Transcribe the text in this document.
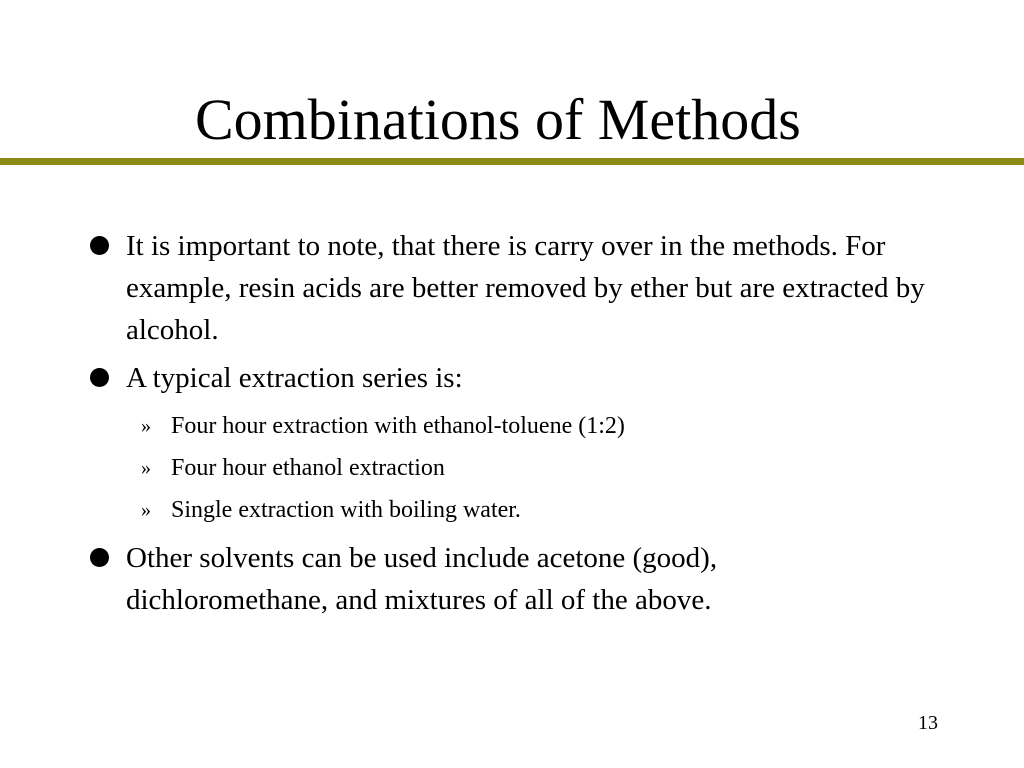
Combinations of Methods
It is important to note, that there is carry over in the methods. For example, resin acids are better removed by ether but are extracted by alcohol.
A typical extraction series is:
» Four hour extraction with ethanol-toluene (1:2)
» Four hour ethanol extraction
» Single extraction with boiling water.
Other solvents can be used include acetone (good), dichloromethane, and mixtures of all of the above.
13
